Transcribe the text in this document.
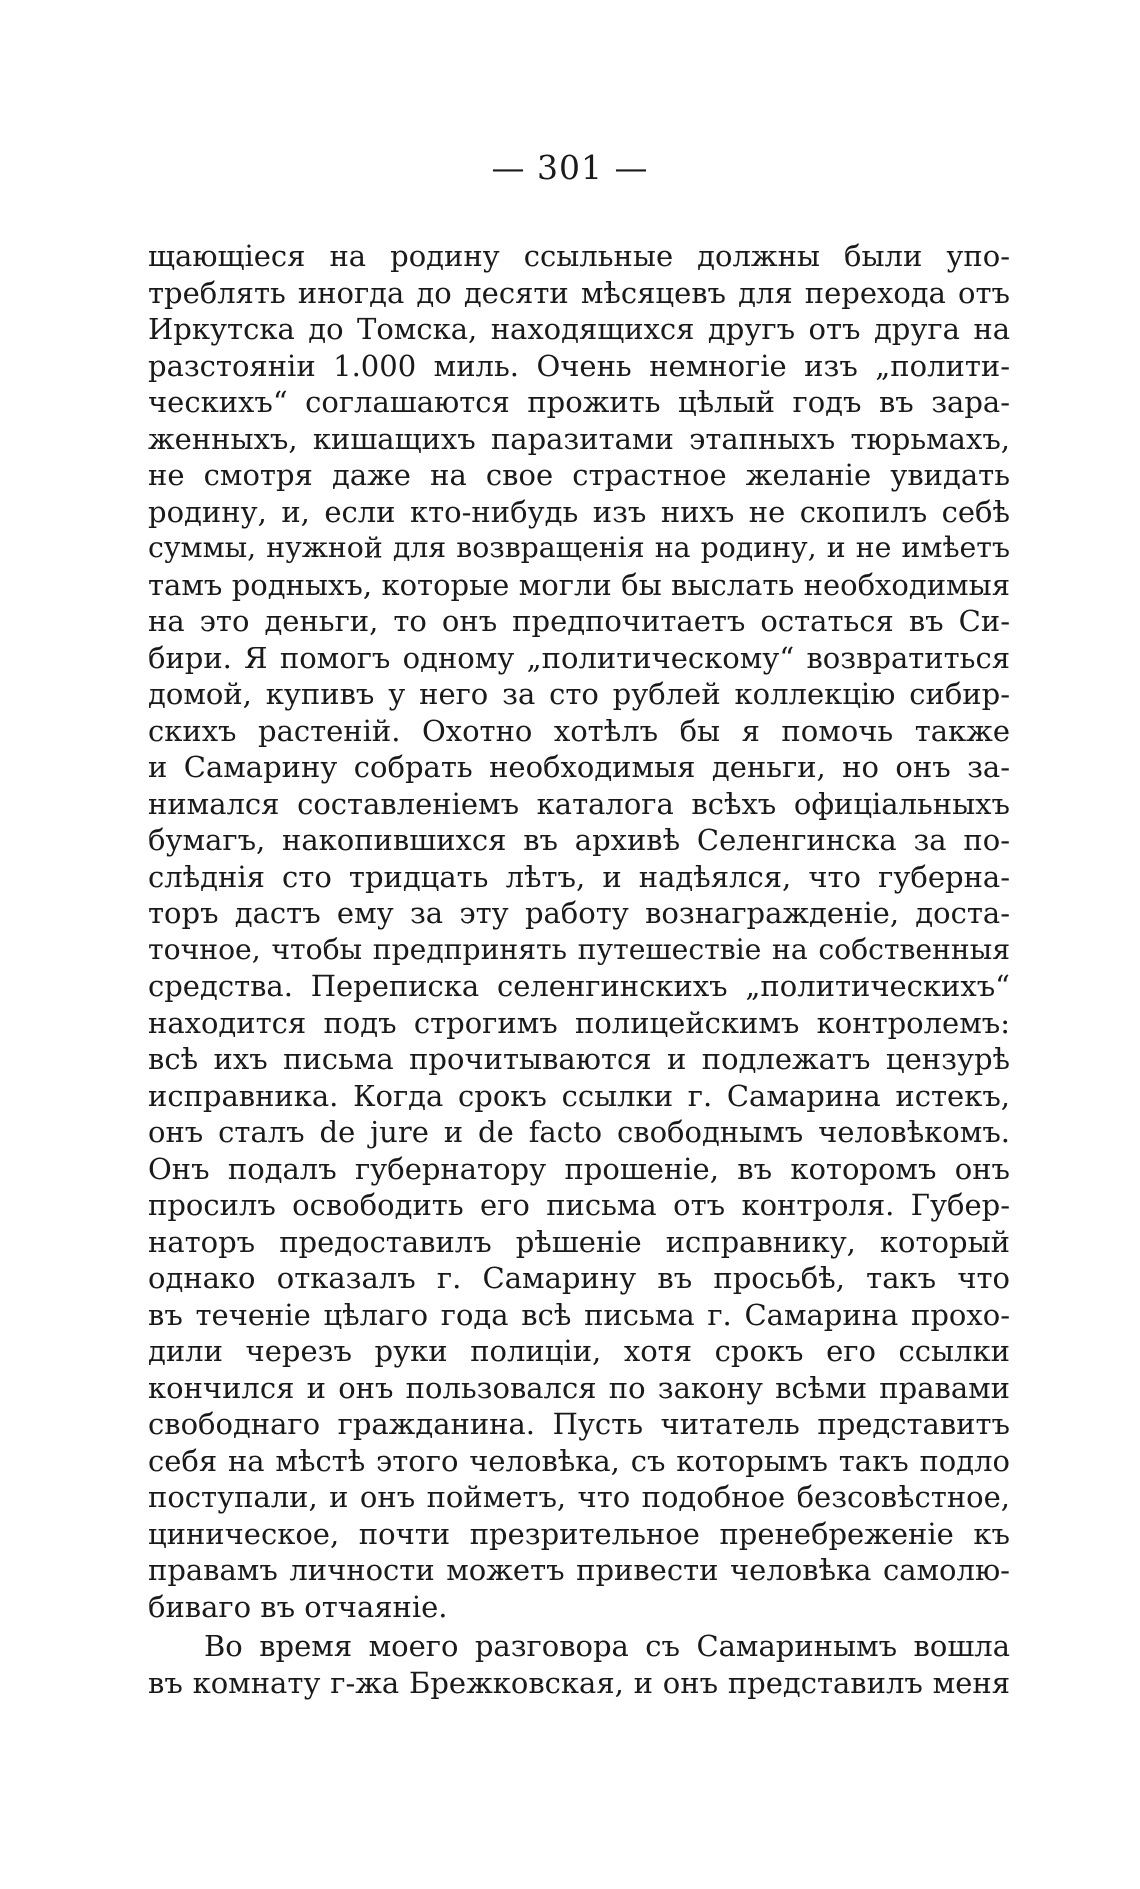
— 301 —
щающіеся на родину ссыльные должны были упо-
треблять иногда до десяти мѣсяцевъ для перехода отъ
Иркутска до Томска, находящихся другъ отъ друга на
разстояніи 1.000 миль. Очень немногіе изъ „полити-
ческихъ“ соглашаются прожить цѣлый годъ въ зара-
женныхъ, кишащихъ паразитами этапныхъ тюрьмахъ,
не смотря даже на свое страстное желаніе увидать
родину, и, если кто-нибудь изъ нихъ не скопилъ себѣ
суммы, нужной для возвращенія на родину, и не имѣетъ
тамъ родныхъ, которые могли бы выслать необходимыя
на это деньги, то онъ предпочитаетъ остаться въ Си-
бири. Я помогъ одному „политическому“ возвратиться
домой, купивъ у него за сто рублей коллекцію сибир-
скихъ растеній. Охотно хотѣлъ бы я помочь также
и Самарину собрать необходимыя деньги, но онъ за-
нимался составленіемъ каталога всѣхъ офиціальныхъ
бумагъ, накопившихся въ архивѣ Селенгинска за по-
слѣднія сто тридцать лѣтъ, и надѣялся, что губерна-
торъ дастъ ему за эту работу вознагражденіе, доста-
точное, чтобы предпринять путешествіе на собственныя
средства. Переписка селенгинскихъ „политическихъ“
находится подъ строгимъ полицейскимъ контролемъ:
всѣ ихъ письма прочитываются и подлежатъ цензурѣ
исправника. Когда срокъ ссылки г. Самарина истекъ,
онъ сталъ de jure и de facto свободнымъ человѣкомъ.
Онъ подалъ губернатору прошеніе, въ которомъ онъ
просилъ освободить его письма отъ контроля. Губер-
наторъ предоставилъ рѣшеніе исправнику, который
однако отказалъ г. Самарину въ просьбѣ, такъ что
въ теченіе цѣлаго года всѣ письма г. Самарина прохо-
дили черезъ руки полиціи, хотя срокъ его ссылки
кончился и онъ пользовался по закону всѣми правами
свободнаго гражданина. Пусть читатель представитъ
себя на мѣстѣ этого человѣка, съ которымъ такъ подло
поступали, и онъ пойметъ, что подобное безсовѣстное,
циническое, почти презрительное пренебреженіе къ
правамъ личности можетъ привести человѣка самолю-
биваго въ отчаяніе.
Во время моего разговора съ Самаринымъ вошла
въ комнату г-жа Брежковская, и онъ представилъ меня
